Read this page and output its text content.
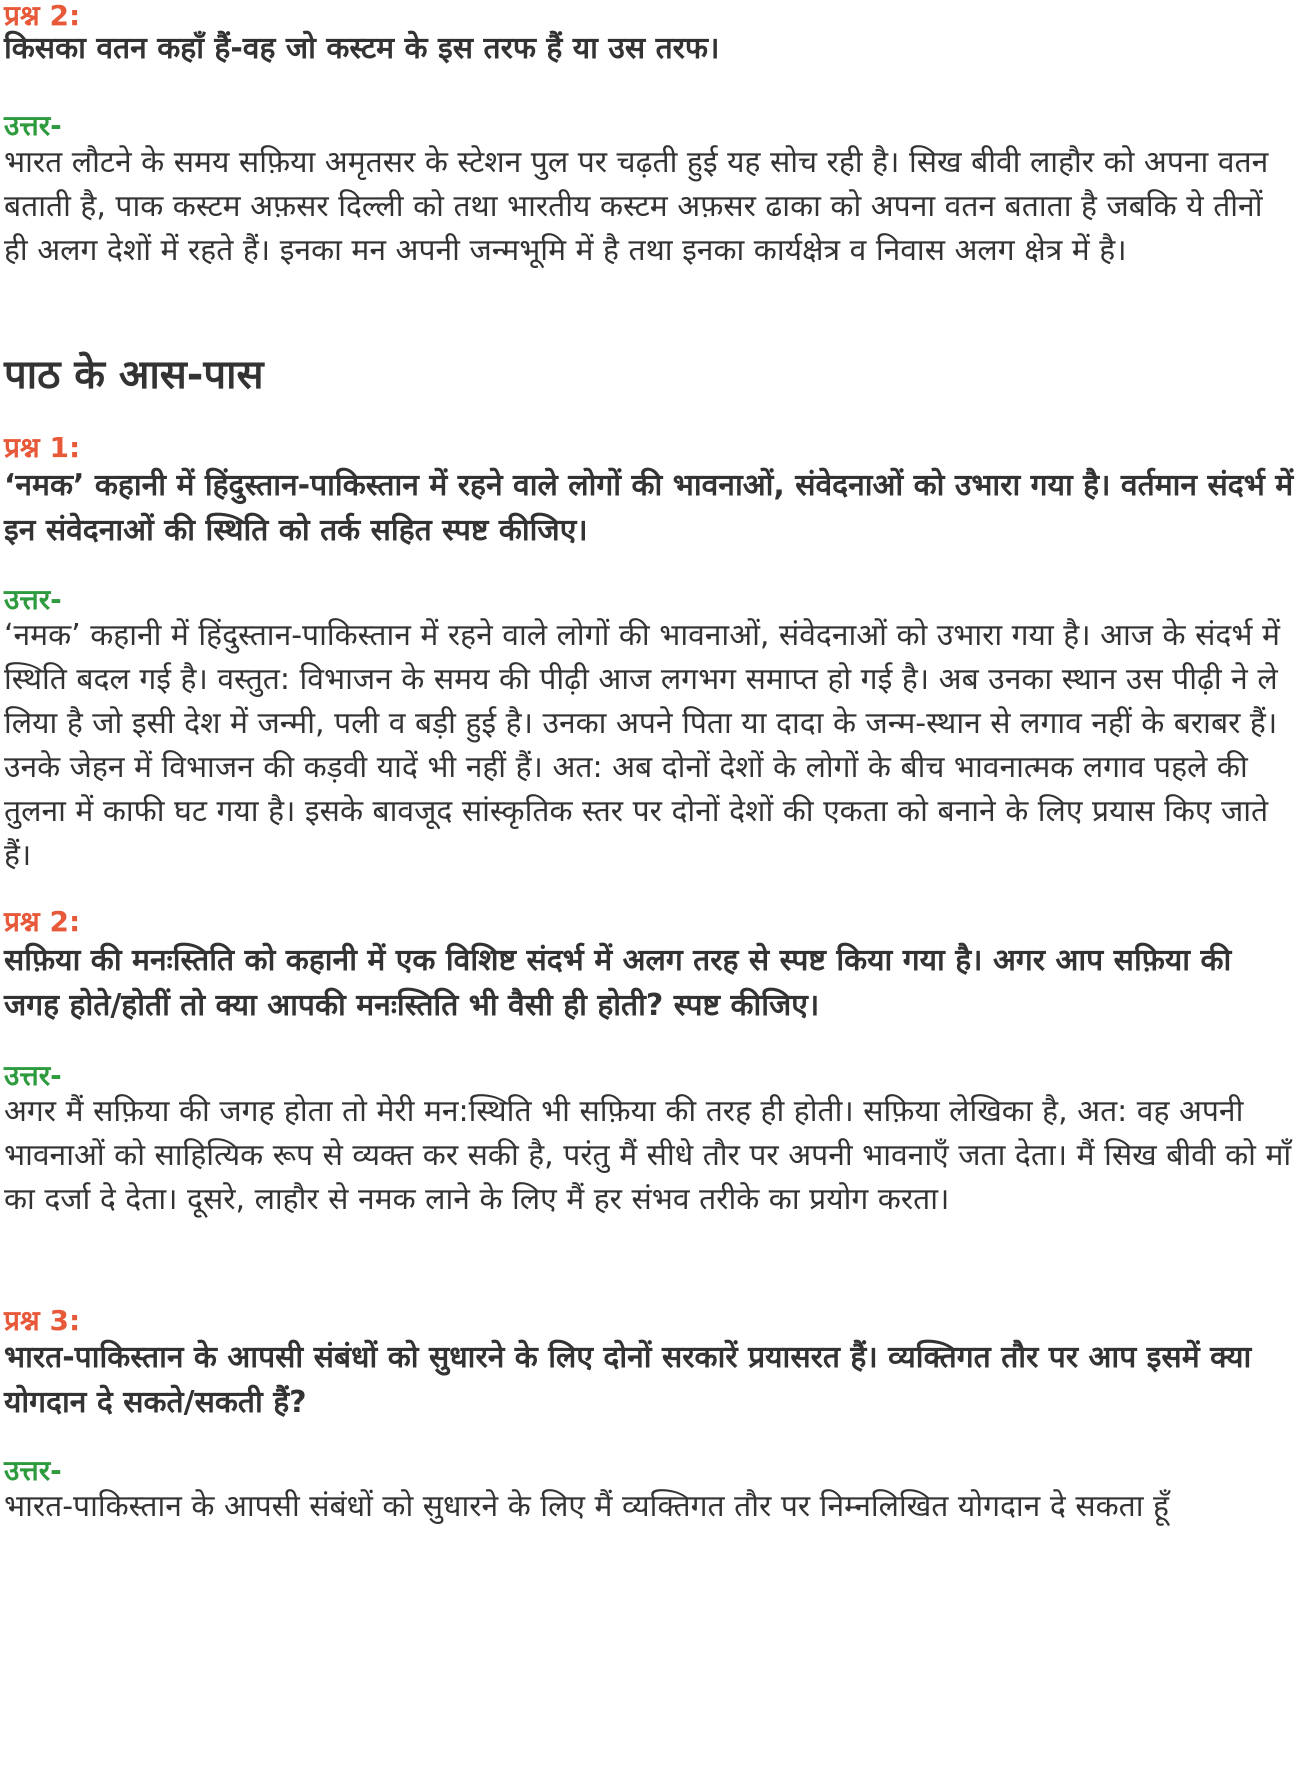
प्रश्न 2:
किसका वतन कहाँ हैं-वह जो कस्टम के इस तरफ हैं या उस तरफ।
उत्तर-
भारत लौटने के समय सफ़िया अमृतसर के स्टेशन पुल पर चढ़ती हुई यह सोच रही है। सिख बीवी लाहौर को अपना वतन बताती है, पाक कस्टम अफ़सर दिल्ली को तथा भारतीय कस्टम अफ़सर ढाका को अपना वतन बताता है जबकि ये तीनों ही अलग देशों में रहते हैं। इनका मन अपनी जन्मभूमि में है तथा इनका कार्यक्षेत्र व निवास अलग क्षेत्र में है।
पाठ के आस-पास
प्रश्न 1:
‘नमक’ कहानी में हिंदुस्तान-पाकिस्तान में रहने वाले लोगों की भावनाओं, संवेदनाओं को उभारा गया है। वर्तमान संदर्भ में इन संवेदनाओं की स्थिति को तर्क सहित स्पष्ट कीजिए।
उत्तर-
‘नमक’ कहानी में हिंदुस्तान-पाकिस्तान में रहने वाले लोगों की भावनाओं, संवेदनाओं को उभारा गया है। आज के संदर्भ में स्थिति बदल गई है। वस्तुत: विभाजन के समय की पीढ़ी आज लगभग समाप्त हो गई है। अब उनका स्थान उस पीढ़ी ने ले लिया है जो इसी देश में जन्मी, पली व बड़ी हुई है। उनका अपने पिता या दादा के जन्म-स्थान से लगाव नहीं के बराबर हैं। उनके जेहन में विभाजन की कड़वी यादें भी नहीं हैं। अत: अब दोनों देशों के लोगों के बीच भावनात्मक लगाव पहले की तुलना में काफी घट गया है। इसके बावजूद सांस्कृतिक स्तर पर दोनों देशों की एकता को बनाने के लिए प्रयास किए जाते हैं।
प्रश्न 2:
सफ़िया की मनःस्तिति को कहानी में एक विशिष्ट संदर्भ में अलग तरह से स्पष्ट किया गया है। अगर आप सफ़िया की जगह होते/होतीं तो क्या आपकी मनःस्तिति भी वैसी ही होती? स्पष्ट कीजिए।
उत्तर-
अगर मैं सफ़िया की जगह होता तो मेरी मन:स्थिति भी सफ़िया की तरह ही होती। सफ़िया लेखिका है, अत: वह अपनी भावनाओं को साहित्यिक रूप से व्यक्त कर सकी है, परंतु मैं सीधे तौर पर अपनी भावनाएँ जता देता। मैं सिख बीवी को माँ का दर्जा दे देता। दूसरे, लाहौर से नमक लाने के लिए मैं हर संभव तरीके का प्रयोग करता।
प्रश्न 3:
भारत-पाकिस्तान के आपसी संबंधों को सुधारने के लिए दोनों सरकारें प्रयासरत हैं। व्यक्तिगत तौर पर आप इसमें क्या योगदान दे सकते/सकती हैं?
उत्तर-
भारत-पाकिस्तान के आपसी संबंधों को सुधारने के लिए मैं व्यक्तिगत तौर पर निम्नलिखित योगदान दे सकता हूँ
